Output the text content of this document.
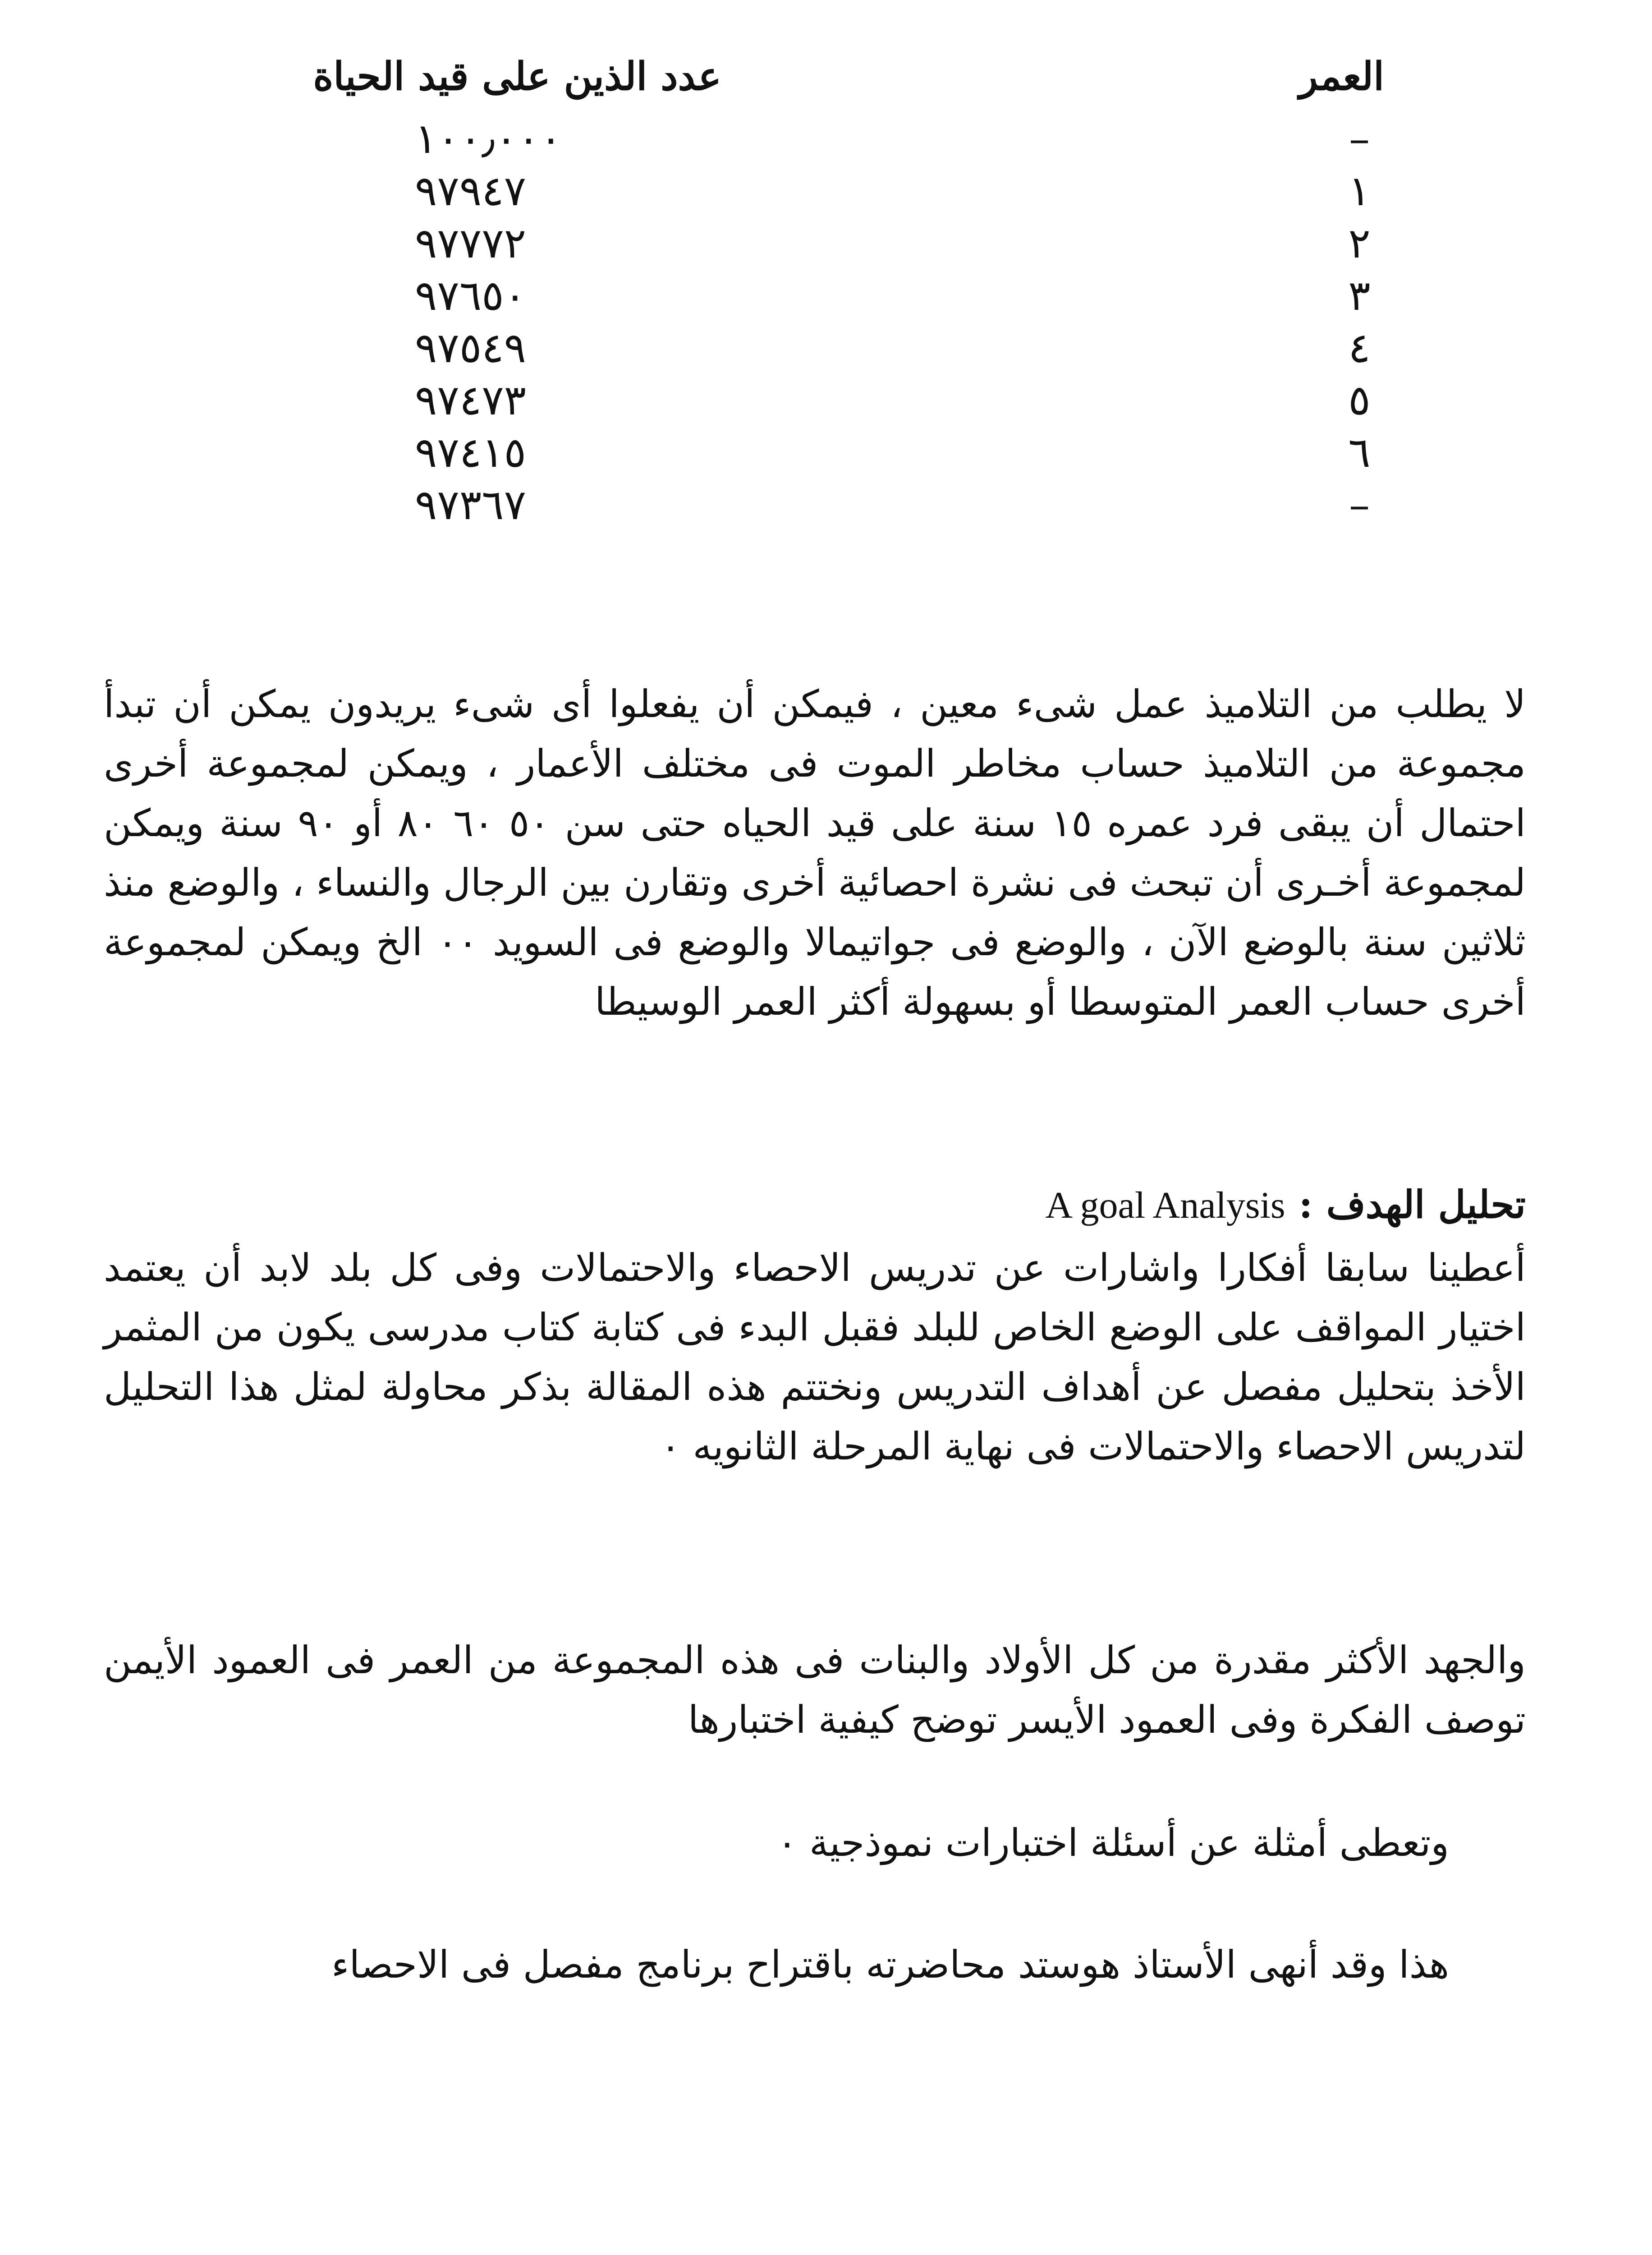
العمر
عدد الذين على قيد الحياة
–
١٠٠٫٠٠٠
١
٩٧٩٤٧
٢
٩٧٧٧٢
٣
٩٧٦٥٠
٤
٩٧٥٤٩
٥
٩٧٤٧٣
٦
٩٧٤١٥
–
٩٧٣٦٧

لا يطلب من التلاميذ عمل شىء معين ، فيمكن أن يفعلوا أى شىء يريدون يمكن أن تبدأ مجموعة من التلاميذ حساب مخاطر الموت فى مختلف الأعمار ، ويمكن لمجموعة أخرى احتمال أن يبقى فرد عمره ١٥ سنة على قيد الحياه حتى سن ٥٠ ٦٠ ٨٠ أو ٩٠ سنة ويمكن لمجموعة أخـرى أن تبحث فى نشرة احصائية أخرى وتقارن بين الرجال والنساء ، والوضع منذ ثلاثين سنة بالوضع الآن ، والوضع فى جواتيمالا والوضع فى السويد ٠٠ الخ ويمكن لمجموعة أخرى حساب العمر المتوسطا أو بسهولة أكثر العمر الوسيطا

تحليل الهدف:A goal Analysis

أعطينا سابقا أفكارا واشارات عن تدريس الاحصاء والاحتمالات وفى كل بلد لابد أن يعتمد اختيار المواقف على الوضع الخاص للبلد فقبل البدء فى كتابة كتاب مدرسى يكون من المثمر الأخذ بتحليل مفصل عن أهداف التدريس ونختتم هذه المقالة بذكر محاولة لمثل هذا التحليل لتدريس الاحصاء والاحتمالات فى نهاية المرحلة الثانويه ٠

والجهد الأكثر مقدرة من كل الأولاد والبنات فى هذه المجموعة من العمر فى العمود الأيمن توصف الفكرة وفى العمود الأيسر توضح كيفية اختبارها

وتعطى أمثلة عن أسئلة اختبارات نموذجية ٠

هذا وقد أنهى الأستاذ هوستد محاضرته باقتراح برنامج مفصل فى الاحصاء
